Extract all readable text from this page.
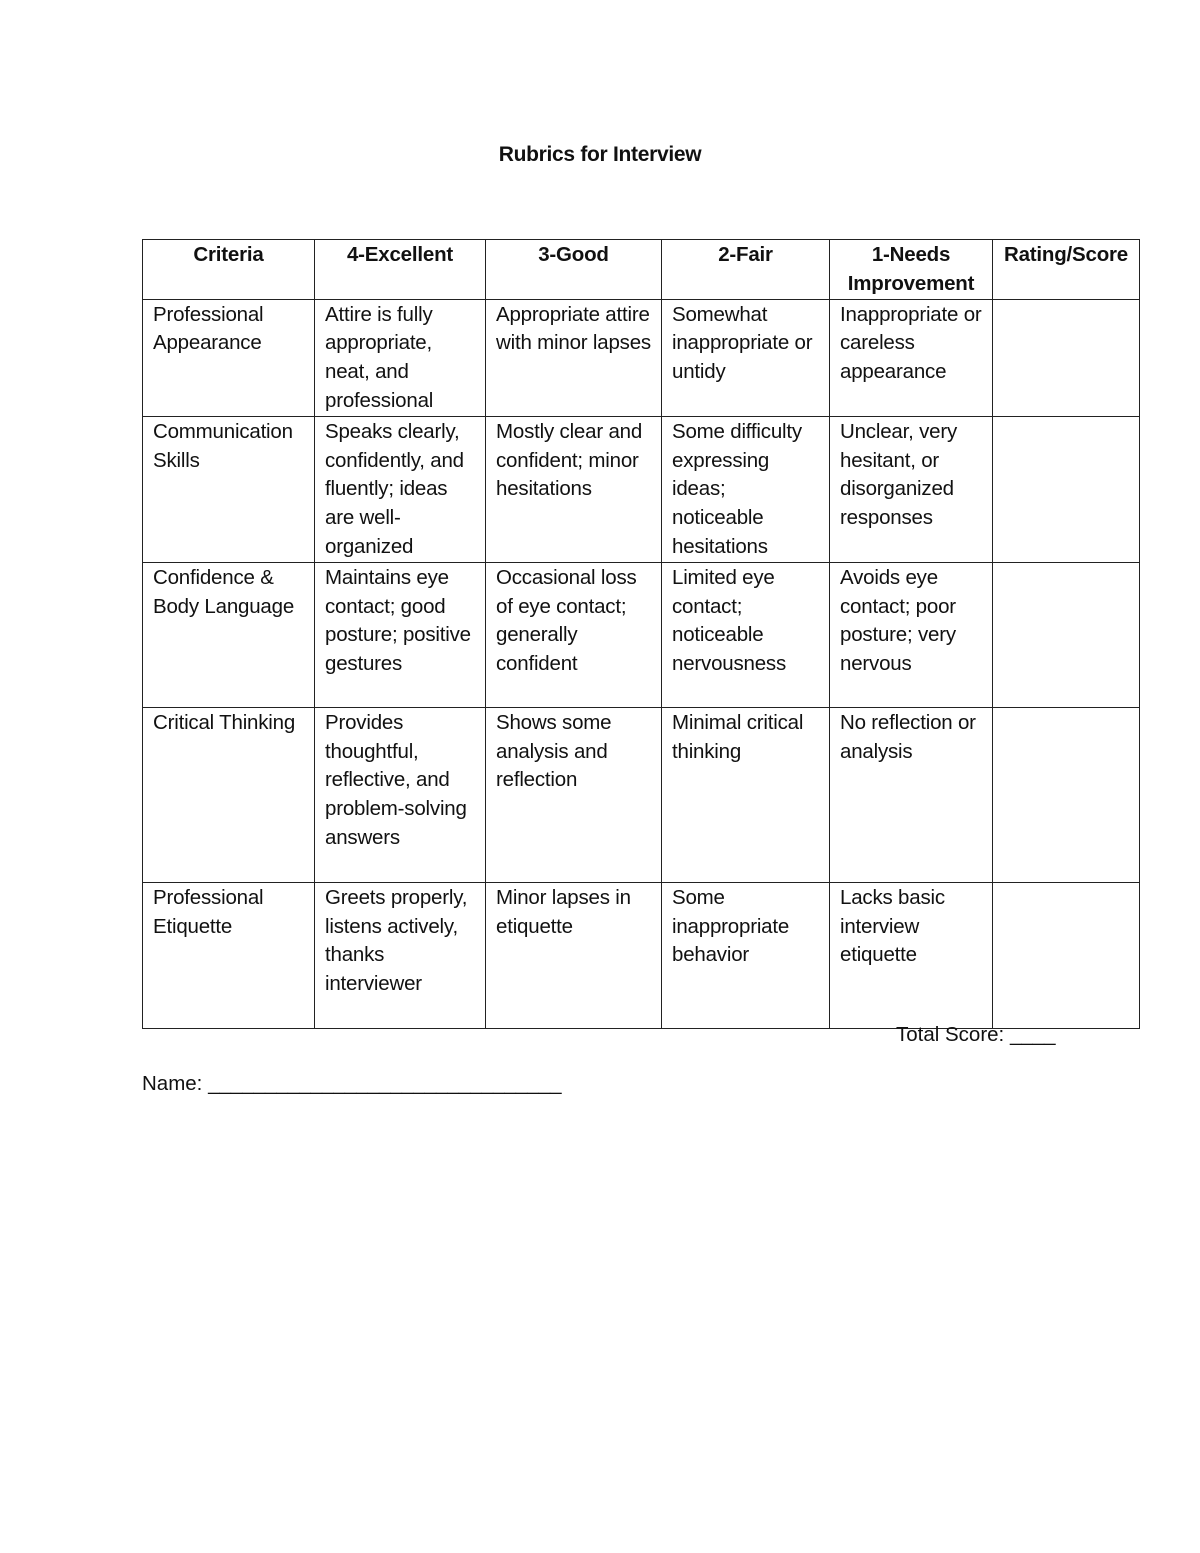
Rubrics for Interview
Criteria	4-Excellent	3-Good	2-Fair	1-Needs Improvement	Rating/Score
Professional Appearance	Attire is fully appropriate, neat, and professional	Appropriate attire with minor lapses	Somewhat inappropriate or untidy	Inappropriate or careless appearance	
Communication Skills	Speaks clearly, confidently, and fluently; ideas are well-organized	Mostly clear and confident; minor hesitations	Some difficulty expressing ideas; noticeable hesitations	Unclear, very hesitant, or disorganized responses	
Confidence & Body Language	Maintains eye contact; good posture; positive gestures	Occasional loss of eye contact; generally confident	Limited eye contact; noticeable nervousness	Avoids eye contact; poor posture; very nervous	
Critical Thinking	Provides thoughtful, reflective, and problem-solving answers	Shows some analysis and reflection	Minimal critical thinking	No reflection or analysis	
Professional Etiquette	Greets properly, listens actively, thanks interviewer	Minor lapses in etiquette	Some inappropriate behavior	Lacks basic interview etiquette	
Total Score: ____
Name: _______________________________
